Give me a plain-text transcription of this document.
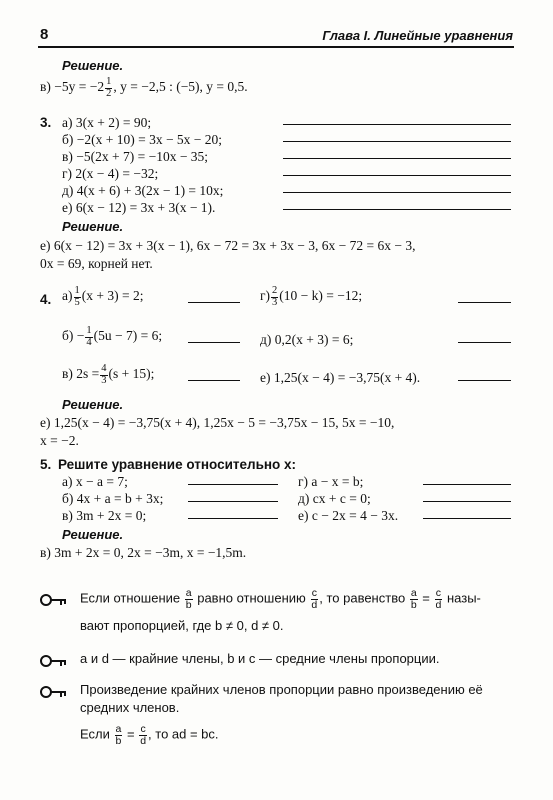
8	Глава I. Линейные уравнения
Решение.
$в) -5y = -2 \frac{1}{2}$ , y = −2,5 : (−5), y = 0,5.
3. а) 3(x + 2) = 90;
б) −2(x + 10) = 3x − 5x − 20;
в) −5(2x + 7) = −10x − 35;
г) 2(x − 4) = −32;
д) 4(x + 6) + 3(2x − 1) = 10x;
е) 6(x − 12) = 3x + 3(x − 1).
Решение.
е) 6(x − 12) = 3x + 3(x − 1), 6x − 72 = 3x + 3x − 3, 6x − 72 = 6x − 3,
0x = 69, корней нет.
4. $а) \frac{1}{5} (x + 3) = 2$;	$г) \frac{2}{3} (10 - k) = -12$;
$б) - \frac{1}{4} (5u - 7) = 6$;	д) 0,2(x + 3) = 6;
в) $2s = \frac{4}{3} (s + 15)$;	е) 1,25(x − 4) = −3,75(x + 4).
Решение.
е) 1,25(x − 4) = −3,75(x + 4), 1,25x − 5 = −3,75x − 15, 5x = −10,
x = −2.
5. Решите уравнение относительно x:
а) x − a = 7;	г) a − x = b;
б) 4x + a = b + 3x;	д) cx + c = 0;
в) 3m + 2x = 0;	е) c − 2x = 4 − 3x.
Решение.
в) 3m + 2x = 0, 2x = −3m, x = −1,5m.
Если отношение $\frac{a}{b}$ равно отношению $\frac{c}{d}$ , то равенство $\frac{a}{b} = \frac{c}{d}$ назы-
вают пропорцией, где b ≠ 0, d ≠ 0.
a и d — крайние члены, b и c — средние члены пропорции.
Произведение крайних членов пропорции равно произведению её
средних членов.
Если $\frac{a}{b} = \frac{c}{d}$ , то ad = bc.
